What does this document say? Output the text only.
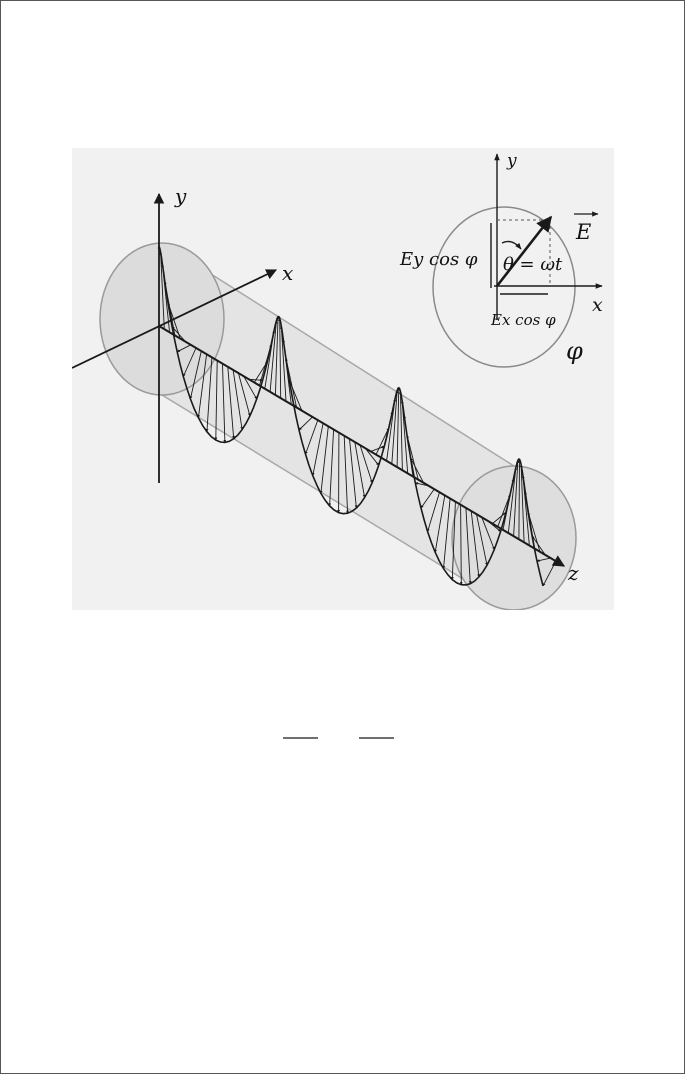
y
x
z
y
x
E
Ey cos φ
Ex cos φ
θ = ωt
φ
